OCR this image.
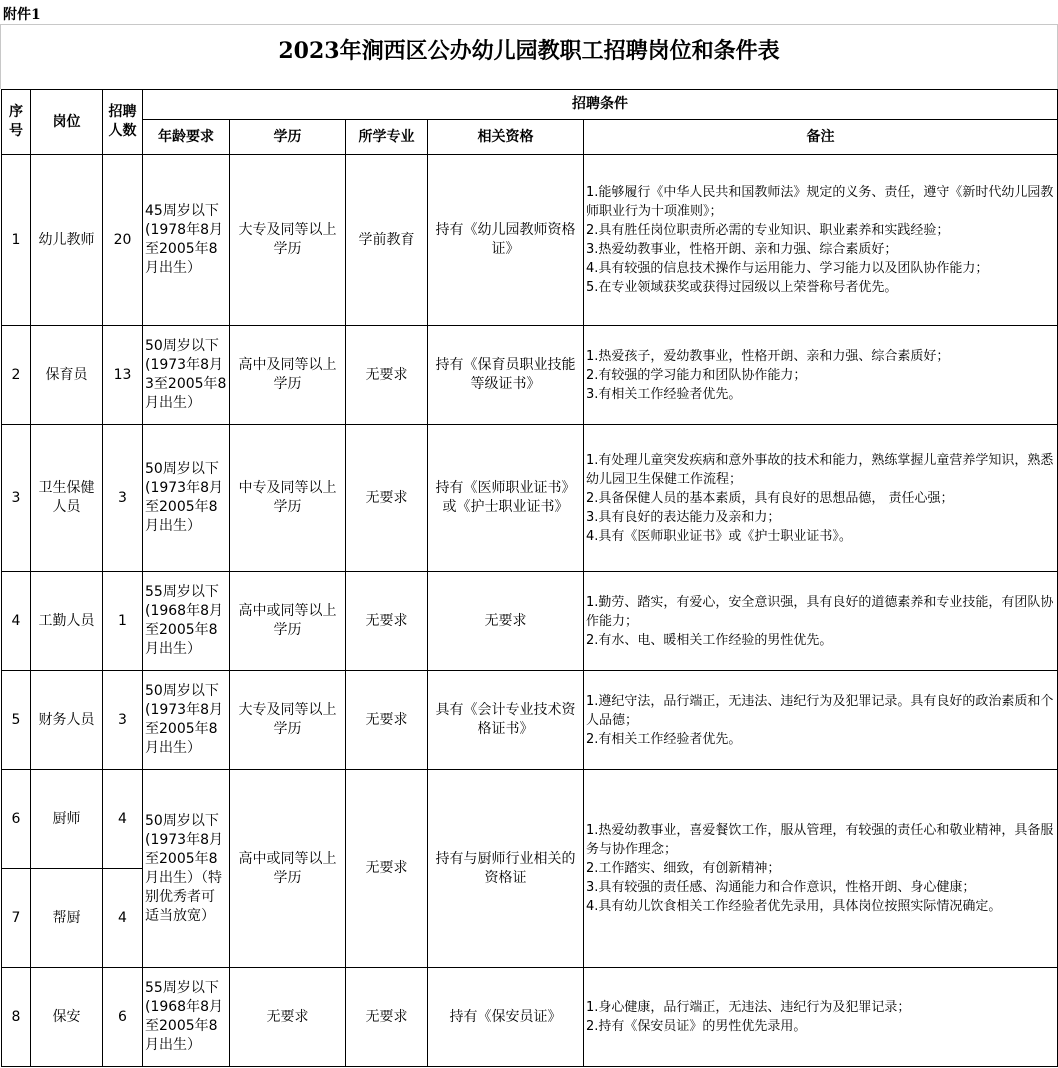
附件1
2023年涧西区公办幼儿园教职工招聘岗位和条件表
序号	岗位	招聘人数	招聘条件				
			年龄要求	学历	所学专业	相关资格	备注
1	幼儿教师	20	45周岁以下(1978年8月至2005年8月出生）	大专及同等以上学历	学前教育	持有《幼儿园教师资格证》	1.能够履行《中华人民共和国教师法》规定的义务、责任，遵守《新时代幼儿园教师职业行为十项准则》；
2.具有胜任岗位职责所必需的专业知识、职业素养和实践经验；
3.热爱幼教事业，性格开朗、亲和力强、综合素质好；
4.具有较强的信息技术操作与运用能力、学习能力以及团队协作能力；
5.在专业领域获奖或获得过园级以上荣誉称号者优先。

2	保育员	13	50周岁以下(1973年8月3至2005年8月出生）	高中及同等以上学历	无要求	持有《保育员职业技能等级证书》	1.热爱孩子，爱幼教事业，性格开朗、亲和力强、综合素质好；
2.有较强的学习能力和团队协作能力；
3.有相关工作经验者优先。

3	卫生保健人员	3	50周岁以下(1973年8月至2005年8月出生）	中专及同等以上学历	无要求	持有《医师职业证书》或《护士职业证书》	1.有处理儿童突发疾病和意外事故的技术和能力，熟练掌握儿童营养学知识，熟悉幼儿园卫生保健工作流程；
2.具备保健人员的基本素质，具有良好的思想品德， 责任心强；
3.具有良好的表达能力及亲和力；
4.具有《医师职业证书》或《护士职业证书》。

4	工勤人员	1	55周岁以下(1968年8月至2005年8月出生）	高中或同等以上学历	无要求	无要求	1.勤劳、踏实，有爱心，安全意识强，具有良好的道德素养和专业技能，有团队协作能力；
2.有水、电、暖相关工作经验的男性优先。

5	财务人员	3	50周岁以下(1973年8月至2005年8月出生）	大专及同等以上学历	无要求	具有《会计专业技术资格证书》	1.遵纪守法，品行端正，无违法、违纪行为及犯罪记录。具有良好的政治素质和个人品德；
2.有相关工作经验者优先。

6	厨师	4	50周岁以下(1973年8月至2005年8月出生）（特别优秀者可适当放宽）	高中或同等以上学历	无要求	持有与厨师行业相关的资格证	1.热爱幼教事业，喜爱餐饮工作，服从管理，有较强的责任心和敬业精神，具备服务与协作理念；
2.工作踏实、细致，有创新精神；
3.具有较强的责任感、沟通能力和合作意识，性格开朗、身心健康；
4.具有幼儿饮食相关工作经验者优先录用，具体岗位按照实际情况确定。

7	帮厨	4					
8	保安	6	55周岁以下(1968年8月至2005年8月出生）	无要求	无要求	持有《保安员证》	1.身心健康，品行端正，无违法、违纪行为及犯罪记录；
2.持有《保安员证》的男性优先录用。
